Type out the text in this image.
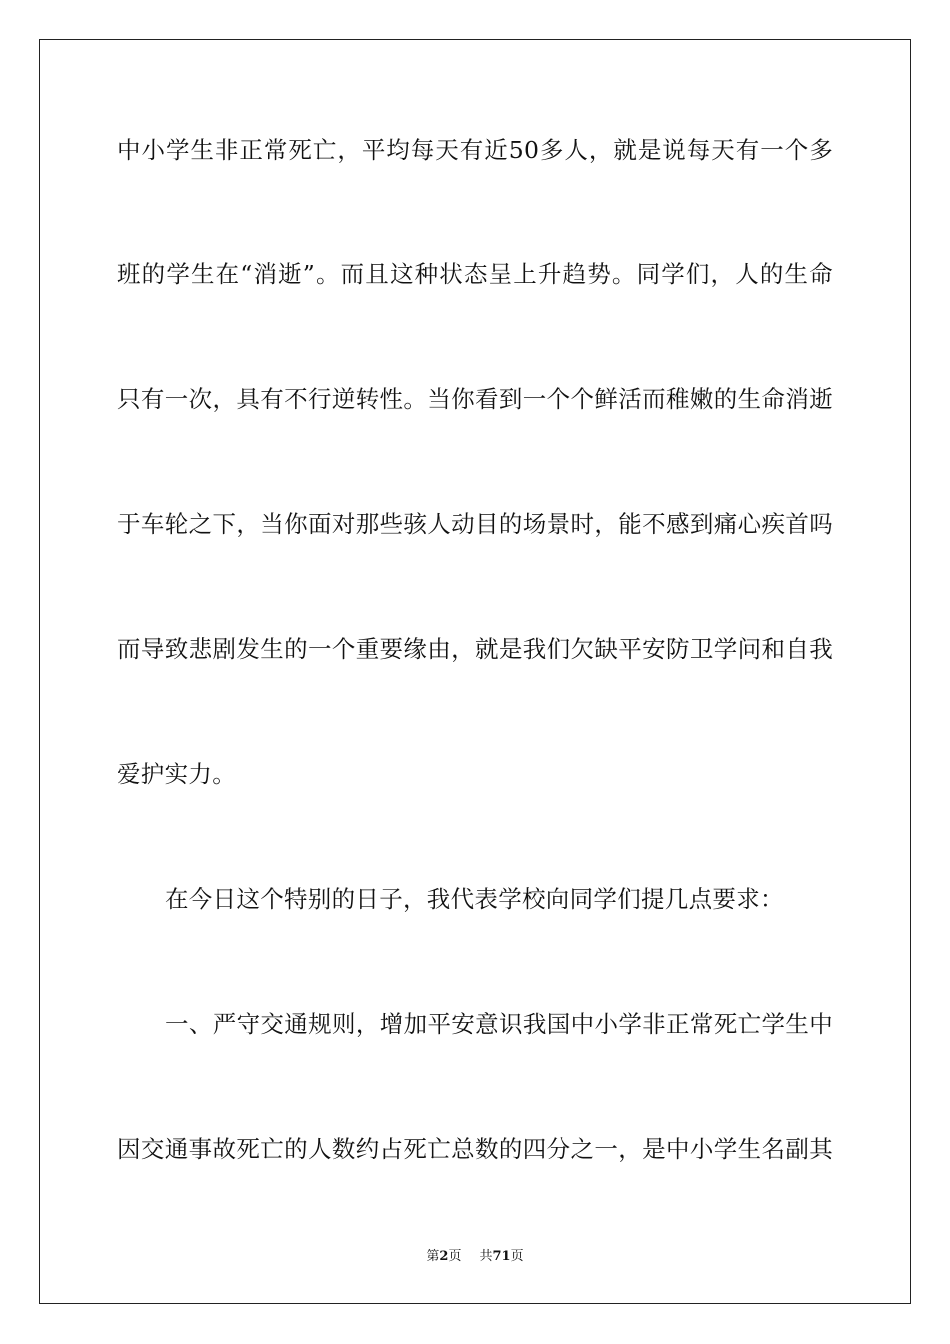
中小学生非正常死亡，平均每天有近50多人，就是说每天有一个多
班的学生在“消逝”。而且这种状态呈上升趋势。同学们，人的生命
只有一次，具有不行逆转性。当你看到一个个鲜活而稚嫩的生命消逝
于车轮之下，当你面对那些骇人动目的场景时，能不感到痛心疾首吗
而导致悲剧发生的一个重要缘由，就是我们欠缺平安防卫学问和自我
爱护实力。
在今日这个特别的日子，我代表学校向同学们提几点要求：
一、严守交通规则，增加平安意识我国中小学非正常死亡学生中
因交通事故死亡的人数约占死亡总数的四分之一，是中小学生名副其
第2页 共71页
